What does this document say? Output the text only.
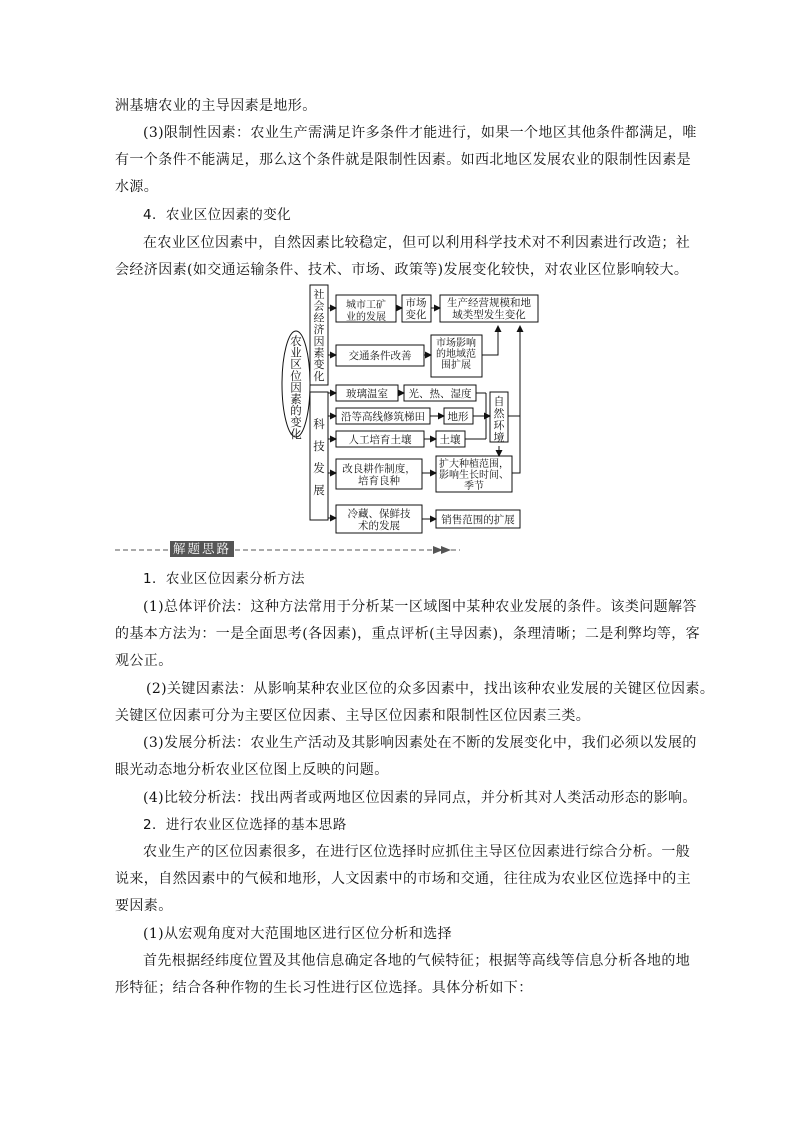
洲基塘农业的主导因素是地形。
(3)限制性因素：农业生产需满足许多条件才能进行，如果一个地区其他条件都满足，唯
有一个条件不能满足，那么这个条件就是限制性因素。如西北地区发展农业的限制性因素是
水源。
4．农业区位因素的变化
在农业区位因素中，自然因素比较稳定，但可以利用科学技术对不利因素进行改造；社
会经济因素(如交通运输条件、技术、市场、政策等)发展变化较快，对农业区位影响较大。
农业区位因素的变化
社会经济因素变化
科技发展
自然环境
城市工矿业的发展
市场变化
生产经营规模和地域类型发生变化
交通条件改善
市场影响的地域范围扩展
玻璃温室 光、热、湿度
沿等高线修筑梯田 地形
人工培育土壤	土壤
改良耕作制度，培育良种
扩大种植范围，影响生长时间、季节
冷藏、保鲜技术的发展	销售范围的扩展
解题思路
1．农业区位因素分析方法
(1)总体评价法：这种方法常用于分析某一区域图中某种农业发展的条件。该类问题解答
的基本方法为：一是全面思考(各因素)，重点评析(主导因素)，条理清晰；二是利弊均等，客
观公正。
(2)关键因素法：从影响某种农业区位的众多因素中，找出该种农业发展的关键区位因素。
关键区位因素可分为主要区位因素、主导区位因素和限制性区位因素三类。
(3)发展分析法：农业生产活动及其影响因素处在不断的发展变化中，我们必须以发展的
眼光动态地分析农业区位图上反映的问题。
(4)比较分析法：找出两者或两地区位因素的异同点，并分析其对人类活动形态的影响。
2．进行农业区位选择的基本思路
农业生产的区位因素很多，在进行区位选择时应抓住主导区位因素进行综合分析。一般
说来，自然因素中的气候和地形，人文因素中的市场和交通，往往成为农业区位选择中的主
要因素。
(1)从宏观角度对大范围地区进行区位分析和选择
首先根据经纬度位置及其他信息确定各地的气候特征；根据等高线等信息分析各地的地
形特征；结合各种作物的生长习性进行区位选择。具体分析如下：
